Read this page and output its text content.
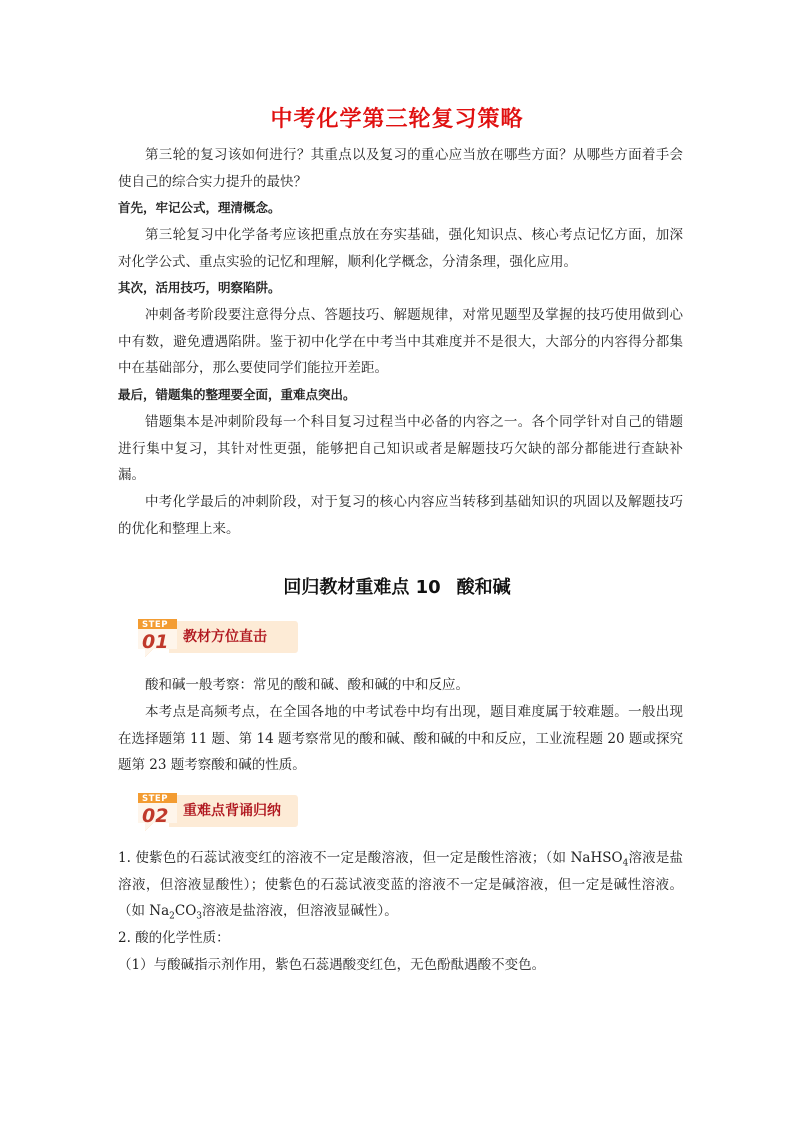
中考化学第三轮复习策略
第三轮的复习该如何进行？其重点以及复习的重心应当放在哪些方面？从哪些方面着手会使自己的综合实力提升的最快？
首先，牢记公式，理清概念。
第三轮复习中化学备考应该把重点放在夯实基础，强化知识点、核心考点记忆方面，加深对化学公式、重点实验的记忆和理解，顺利化学概念，分清条理，强化应用。
其次，活用技巧，明察陷阱。
冲刺备考阶段要注意得分点、答题技巧、解题规律，对常见题型及掌握的技巧使用做到心中有数，避免遭遇陷阱。鉴于初中化学在中考当中其难度并不是很大，大部分的内容得分都集中在基础部分，那么要使同学们能拉开差距。
最后，错题集的整理要全面，重难点突出。
错题集本是冲刺阶段每一个科目复习过程当中必备的内容之一。各个同学针对自己的错题进行集中复习，其针对性更强，能够把自己知识或者是解题技巧欠缺的部分都能进行查缺补漏。
中考化学最后的冲刺阶段，对于复习的核心内容应当转移到基础知识的巩固以及解题技巧的优化和整理上来。
回归教材重难点 10 酸和碱
STEP
01 教材方位直击
酸和碱一般考察：常见的酸和碱、酸和碱的中和反应。
本考点是高频考点，在全国各地的中考试卷中均有出现，题目难度属于较难题。一般出现在选择题第 11 题、第 14 题考察常见的酸和碱、酸和碱的中和反应，工业流程题 20 题或探究题第 23 题考察酸和碱的性质。
STEP
02 重难点背诵归纳
1. 使紫色的石蕊试液变红的溶液不一定是酸溶液，但一定是酸性溶液；（如 NaHSO$_4$溶液是盐溶液，但溶液显酸性）；使紫色的石蕊试液变蓝的溶液不一定是碱溶液，但一定是碱性溶液。（如 $Na_2CO_3$溶液是盐溶液，但溶液显碱性）。
2. 酸的化学性质：
（1）与酸碱指示剂作用，紫色石蕊遇酸变红色，无色酚酞遇酸不变色。
